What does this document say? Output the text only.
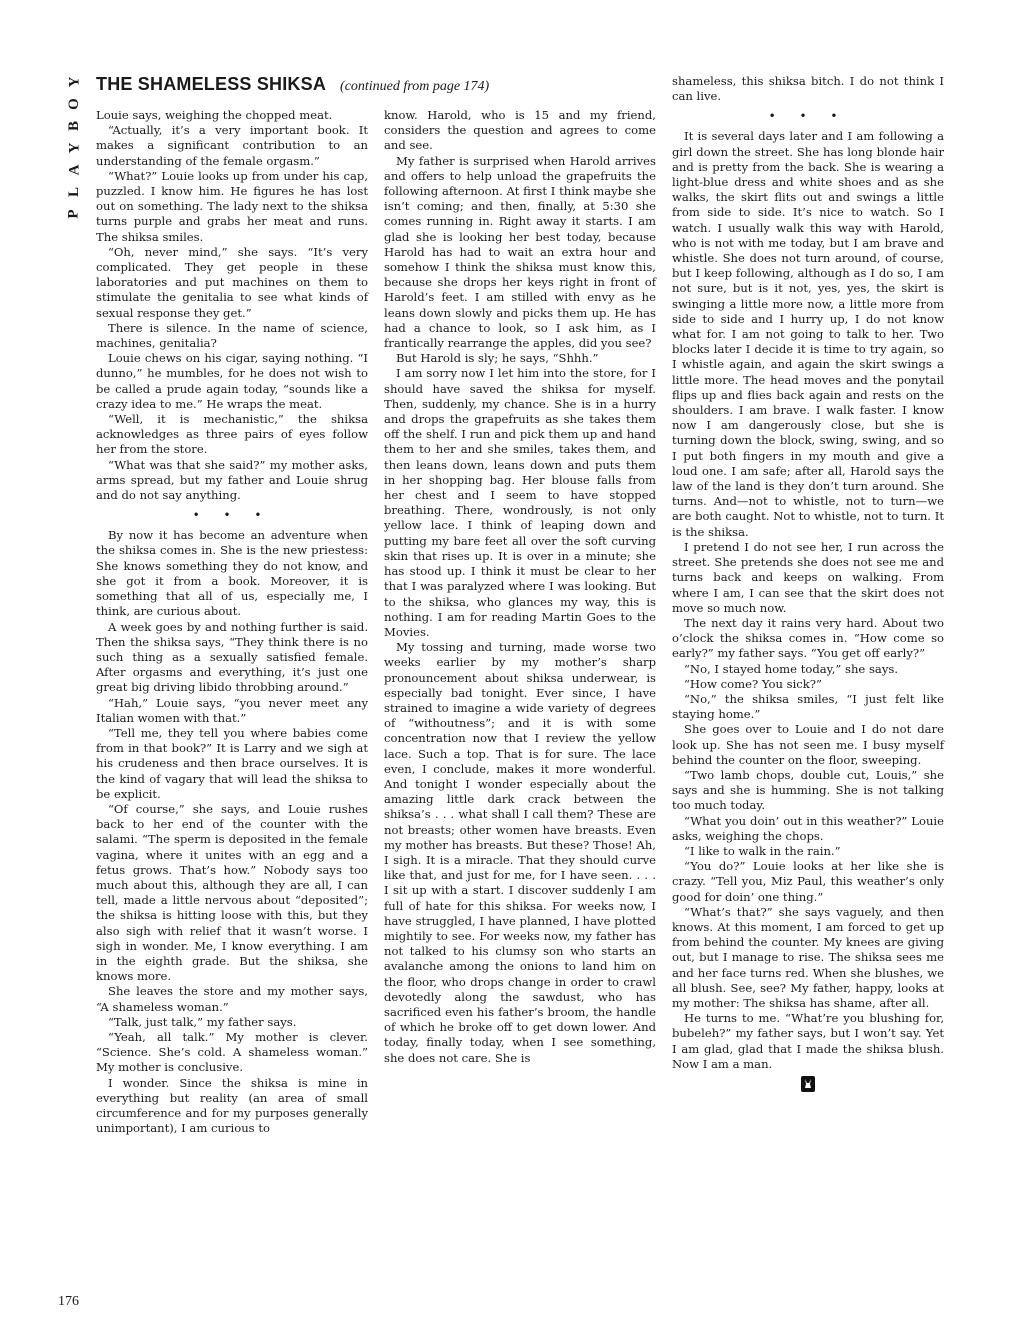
Y
O
B
Y
A
L
P
THE SHAMELESS SHIKSA (continued from page 174)

Louie says, weighing the chopped meat.

“Actually, it’s a very important book. It makes a significant contribution to an understanding of the female orgasm.”

“What?” Louie looks up from under his cap, puzzled. I know him. He figures he has lost out on something. The lady next to the shiksa turns purple and grabs her meat and runs. The shiksa smiles.

“Oh, never mind,” she says. “It’s very complicated. They get people in these laboratories and put machines on them to stimulate the genitalia to see what kinds of sexual response they get.”

There is silence. In the name of science, machines, genitalia?

Louie chews on his cigar, saying nothing. “I dunno,” he mumbles, for he does not wish to be called a prude again today, “sounds like a crazy idea to me.” He wraps the meat.

“Well, it is mechanistic,” the shiksa acknowledges as three pairs of eyes follow her from the store.

“What was that she said?” my mother asks, arms spread, but my father and Louie shrug and do not say anything.

• • •

By now it has become an adventure when the shiksa comes in. She is the new priestess: She knows something they do not know, and she got it from a book. Moreover, it is something that all of us, especially me, I think, are curious about.

A week goes by and nothing further is said. Then the shiksa says, “They think there is no such thing as a sexually satisfied female. After orgasms and everything, it’s just one great big driving libido throbbing around.”

“Hah,” Louie says, “you never meet any Italian women with that.”

“Tell me, they tell you where babies come from in that book?” It is Larry and we sigh at his crudeness and then brace ourselves. It is the kind of vagary that will lead the shiksa to be explicit.

“Of course,” she says, and Louie rushes back to her end of the counter with the salami. “The sperm is deposited in the female vagina, where it unites with an egg and a fetus grows. That’s how.” Nobody says too much about this, although they are all, I can tell, made a little nervous about “deposited”; the shiksa is hitting loose with this, but they also sigh with relief that it wasn’t worse. I sigh in wonder. Me, I know everything. I am in the eighth grade. But the shiksa, she knows more.

She leaves the store and my mother says, “A shameless woman.”

“Talk, just talk,” my father says.

“Yeah, all talk.” My mother is clever. “Science. She’s cold. A shameless woman.” My mother is conclusive.

I wonder. Since the shiksa is mine in everything but reality (an area of small circumference and for my purposes generally unimportant), I am curious to

know. Harold, who is 15 and my friend, considers the question and agrees to come and see.

My father is surprised when Harold arrives and offers to help unload the grapefruits the following afternoon. At first I think maybe she isn’t coming; and then, finally, at 5:30 she comes running in. Right away it starts. I am glad she is looking her best today, because Harold has had to wait an extra hour and somehow I think the shiksa must know this, because she drops her keys right in front of Harold’s feet. I am stilled with envy as he leans down slowly and picks them up. He has had a chance to look, so I ask him, as I frantically rearrange the apples, did you see?

But Harold is sly; he says, “Shhh.”

I am sorry now I let him into the store, for I should have saved the shiksa for myself. Then, suddenly, my chance. She is in a hurry and drops the grapefruits as she takes them off the shelf. I run and pick them up and hand them to her and she smiles, takes them, and then leans down, leans down and puts them in her shopping bag. Her blouse falls from her chest and I seem to have stopped breathing. There, wondrously, is not only yellow lace. I think of leaping down and putting my bare feet all over the soft curving skin that rises up. It is over in a minute; she has stood up. I think it must be clear to her that I was paralyzed where I was looking. But to the shiksa, who glances my way, this is nothing. I am for reading Martin Goes to the Movies.

My tossing and turning, made worse two weeks earlier by my mother’s sharp pronouncement about shiksa underwear, is especially bad tonight. Ever since, I have strained to imagine a wide variety of degrees of “withoutness”; and it is with some concentration now that I review the yellow lace. Such a top. That is for sure. The lace even, I conclude, makes it more wonderful. And tonight I wonder especially about the amazing little dark crack between the shiksa’s . . . what shall I call them? These are not breasts; other women have breasts. Even my mother has breasts. But these? Those! Ah, I sigh. It is a miracle. That they should curve like that, and just for me, for I have seen. . . . I sit up with a start. I discover suddenly I am full of hate for this shiksa. For weeks now, I have struggled, I have planned, I have plotted mightily to see. For weeks now, my father has not talked to his clumsy son who starts an avalanche among the onions to land him on the floor, who drops change in order to crawl devotedly along the sawdust, who has sacrificed even his father’s broom, the handle of which he broke off to get down lower. And today, finally today, when I see something, she does not care. She is

shameless, this shiksa bitch. I do not think I can live.

• • •

It is several days later and I am following a girl down the street. She has long blonde hair and is pretty from the back. She is wearing a light-blue dress and white shoes and as she walks, the skirt flits out and swings a little from side to side. It’s nice to watch. So I watch. I usually walk this way with Harold, who is not with me today, but I am brave and whistle. She does not turn around, of course, but I keep following, although as I do so, I am not sure, but is it not, yes, yes, the skirt is swinging a little more now, a little more from side to side and I hurry up, I do not know what for. I am not going to talk to her. Two blocks later I decide it is time to try again, so I whistle again, and again the skirt swings a little more. The head moves and the ponytail flips up and flies back again and rests on the shoulders. I am brave. I walk faster. I know now I am dangerously close, but she is turning down the block, swing, swing, and so I put both fingers in my mouth and give a loud one. I am safe; after all, Harold says the law of the land is they don’t turn around. She turns. And—not to whistle, not to turn—we are both caught. Not to whistle, not to turn. It is the shiksa.

I pretend I do not see her, I run across the street. She pretends she does not see me and turns back and keeps on walking. From where I am, I can see that the skirt does not move so much now.

The next day it rains very hard. About two o’clock the shiksa comes in. “How come so early?” my father says. “You get off early?”

“No, I stayed home today,” she says.

“How come? You sick?”

“No,” the shiksa smiles, “I just felt like staying home.”

She goes over to Louie and I do not dare look up. She has not seen me. I busy myself behind the counter on the floor, sweeping.

“Two lamb chops, double cut, Louis,” she says and she is humming. She is not talking too much today.

“What you doin’ out in this weather?” Louie asks, weighing the chops.

“I like to walk in the rain.”

“You do?” Louie looks at her like she is crazy. “Tell you, Miz Paul, this weather’s only good for doin’ one thing.”

“What’s that?” she says vaguely, and then knows. At this moment, I am forced to get up from behind the counter. My knees are giving out, but I manage to rise. The shiksa sees me and her face turns red. When she blushes, we all blush. See, see? My father, happy, looks at my mother: The shiksa has shame, after all.

He turns to me. “What’re you blushing for, bubeleh?” my father says, but I won’t say. Yet I am glad, glad that I made the shiksa blush. Now I am a man.

176
